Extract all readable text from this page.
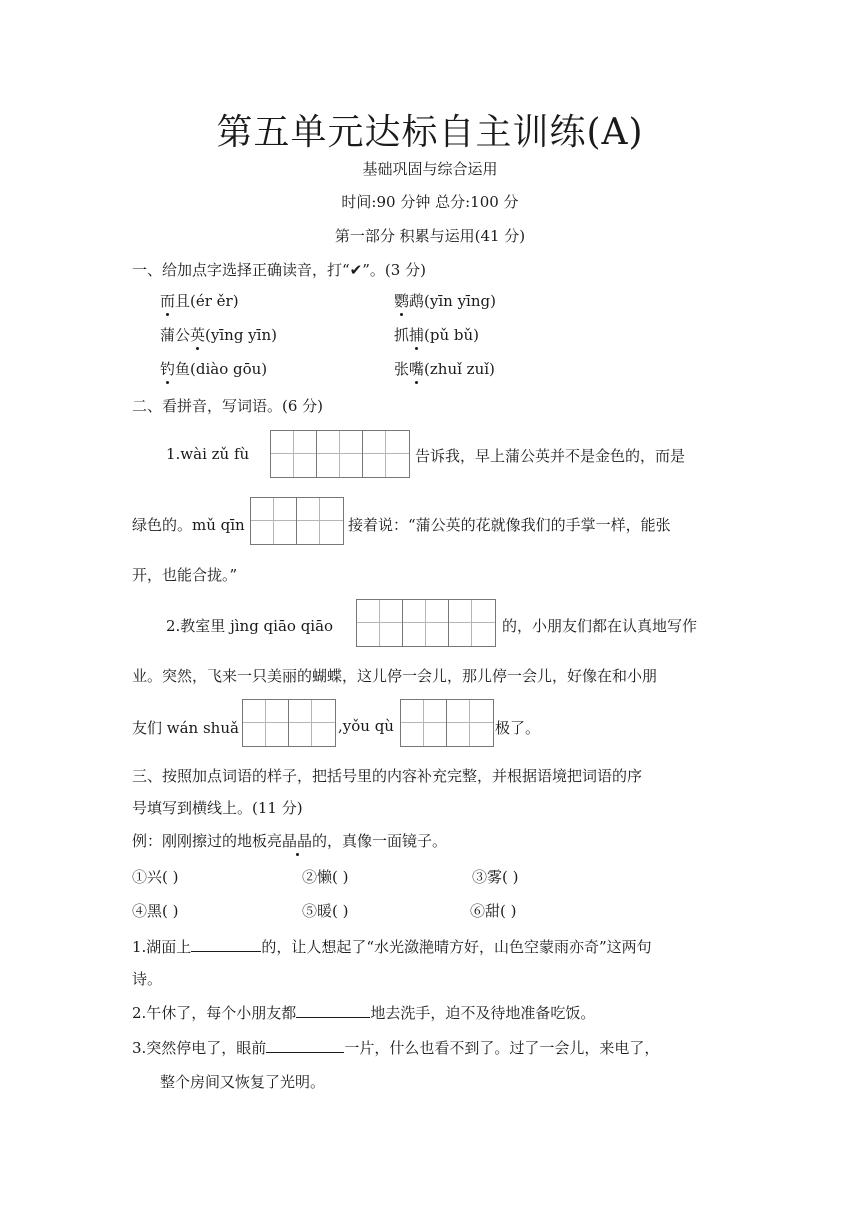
第五单元达标自主训练(A)
基础巩固与综合运用
时间:90 分钟 总分:100 分
第一部分 积累与运用(41 分)
一、给加点字选择正确读音，打“✔”。(3 分)
而且(ér ěr)	鹦鹉(yīn yīng)
蒲公英(yīng yīn)	抓捕(pǔ bǔ)
钓鱼(diào gōu)	张嘴(zhuǐ zuǐ)
二、看拼音，写词语。(6 分)
1.wài zǔ fù	告诉我，早上蒲公英并不是金色的，而是
绿色的。mǔ qīn	接着说：“蒲公英的花就像我们的手掌一样，能张
开，也能合拢。”
2.教室里 jìng qiāo qiāo	的，小朋友们都在认真地写作
业。突然，飞来一只美丽的蝴蝶，这儿停一会儿，那儿停一会儿，好像在和小朋
友们 wán shuǎ	,yǒu qù	极了。
三、按照加点词语的样子，把括号里的内容补充完整，并根据语境把词语的序
号填写到横线上。(11 分)
例：刚刚擦过的地板亮晶晶的，真像一面镜子。
①兴( )	②懒( )	③雾( )
④黑( )	⑤暖( )	⑥甜( )
1.湖面上	的，让人想起了“水光潋滟晴方好，山色空蒙雨亦奇”这两句
诗。
2.午休了，每个小朋友都	地去洗手，迫不及待地准备吃饭。
3.突然停电了，眼前	一片，什么也看不到了。过了一会儿，来电了，
整个房间又恢复了光明。
